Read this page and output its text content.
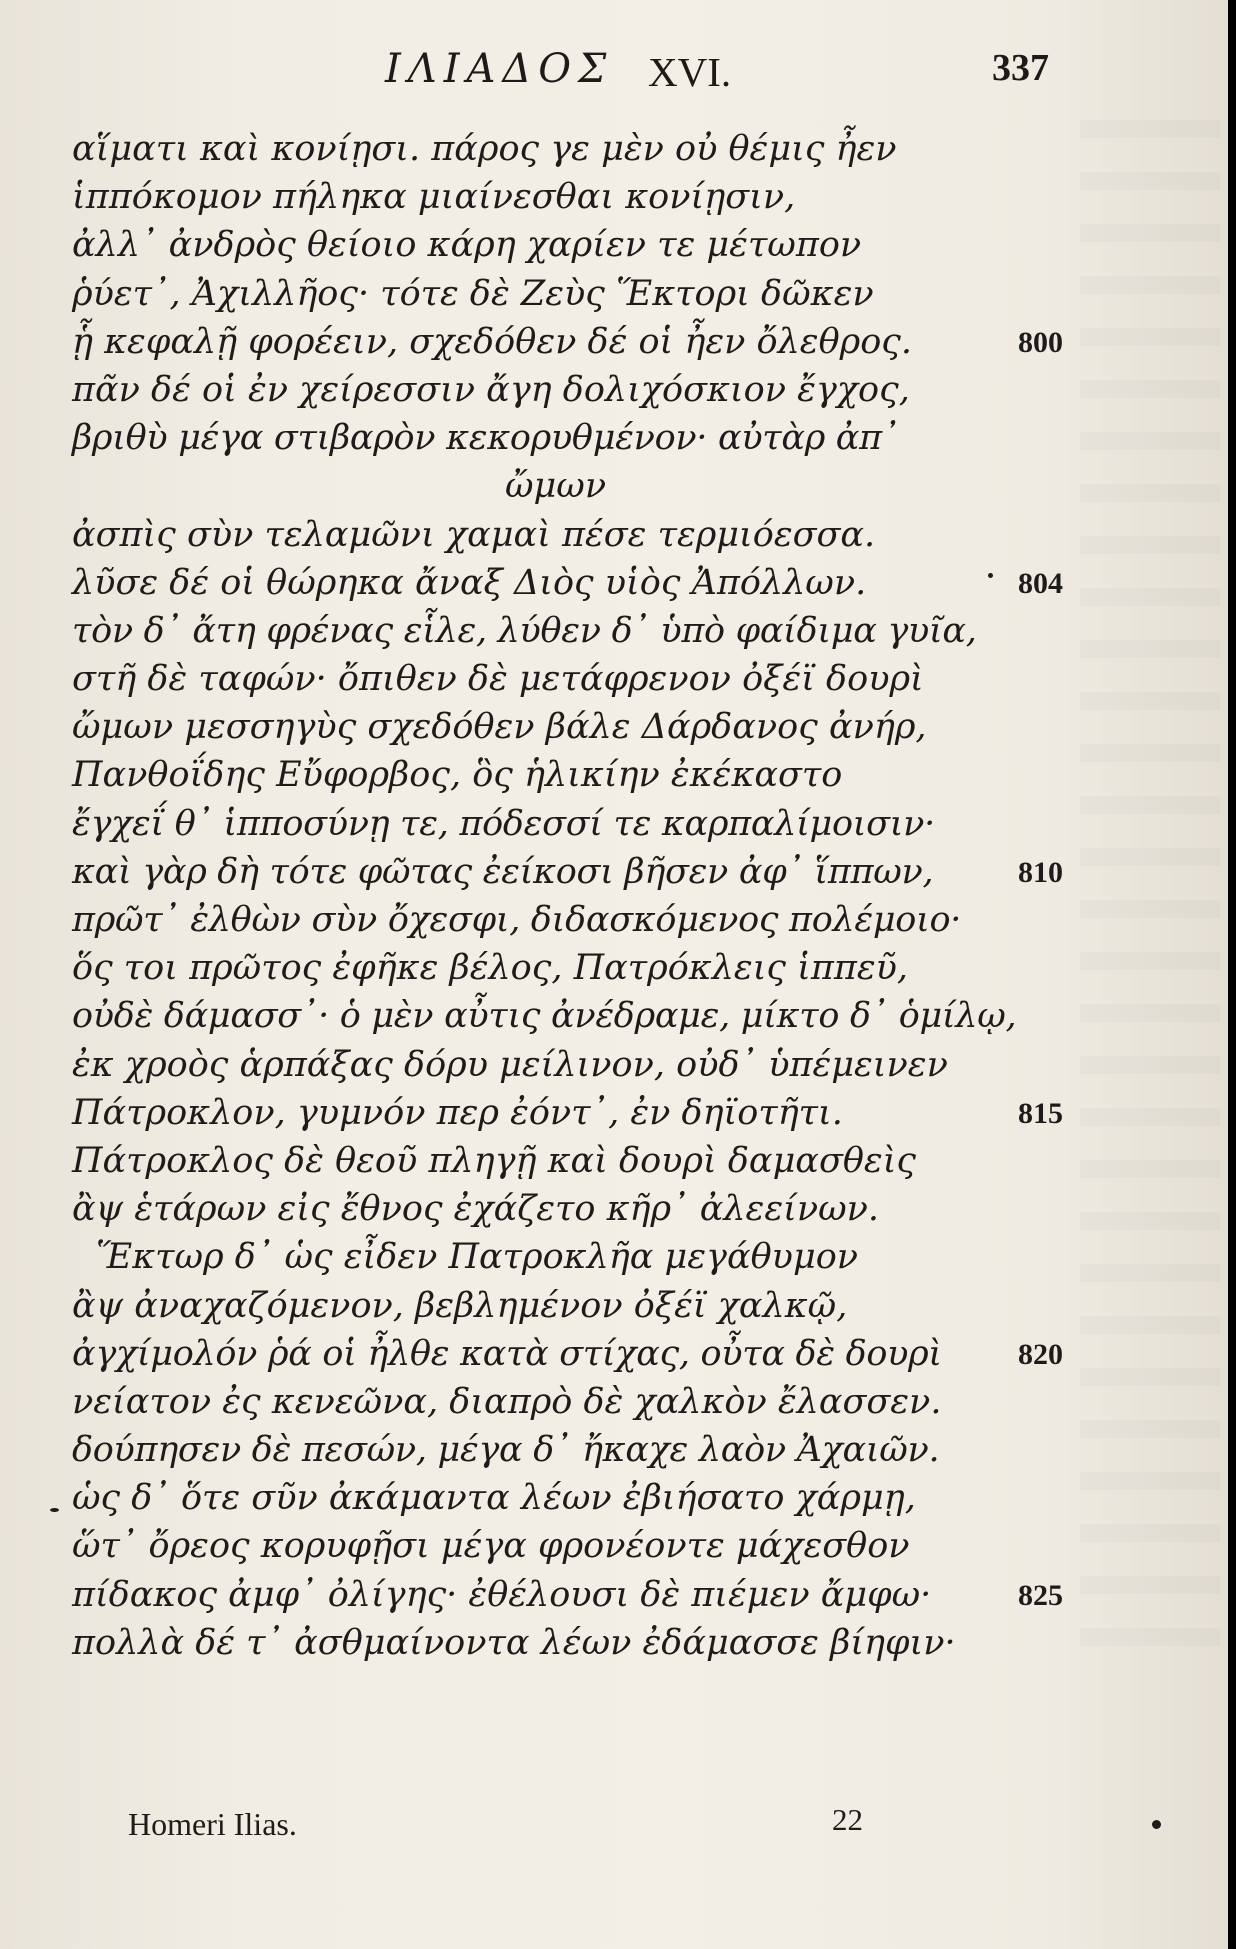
ΙΛΙΑΔΟΣ XVI.	337
αἵματι καὶ κονίῃσι. πάρος γε μὲν οὐ θέμις ἦεν
ἱππόκομον πήληκα μιαίνεσθαι κονίῃσιν,
ἀλλ᾽ ἀνδρὸς θείοιο κάρη χαρίεν τε μέτωπον
ῥύετ᾽, Ἀχιλλῆος· τότε δὲ Ζεὺς Ἕκτορι δῶκεν
ᾗ κεφαλῇ φορέειν, σχεδόθεν δέ οἱ ἦεν ὄλεθρος.	800
πᾶν δέ οἱ ἐν χείρεσσιν ἄγη δολιχόσκιον ἔγχος,
βριθὺ μέγα στιβαρὸν κεκορυθμένον· αὐτὰρ ἀπ᾽
ὤμων
ἀσπὶς σὺν τελαμῶνι χαμαὶ πέσε τερμιόεσσα.
λῦσε δέ οἱ θώρηκα ἄναξ Διὸς υἱὸς Ἀπόλλων.	804
τὸν δ᾽ ἄτη φρένας εἷλε, λύθεν δ᾽ ὑπὸ φαίδιμα γυῖα,
στῆ δὲ ταφών· ὄπιθεν δὲ μετάφρενον ὀξέϊ δουρὶ
ὤμων μεσσηγὺς σχεδόθεν βάλε Δάρδανος ἀνήρ,
Πανθοΐδης Εὔφορβος, ὃς ἡλικίην ἐκέκαστο
ἔγχεΐ θ᾽ ἱπποσύνῃ τε, πόδεσσί τε καρπαλίμοισιν·
καὶ γὰρ δὴ τότε φῶτας ἐείκοσι βῆσεν ἀφ᾽ ἵππων,	810
πρῶτ᾽ ἐλθὼν σὺν ὄχεσφι, διδασκόμενος πολέμοιο·
ὅς τοι πρῶτος ἐφῆκε βέλος, Πατρόκλεις ἱππεῦ,
οὐδὲ δάμασσ᾽· ὁ μὲν αὖτις ἀνέδραμε, μίκτο δ᾽ ὁμίλῳ,
ἐκ χροὸς ἁρπάξας δόρυ μείλινον, οὐδ᾽ ὑπέμεινεν
Πάτροκλον, γυμνόν περ ἐόντ᾽, ἐν δηϊοτῆτι.	815
Πάτροκλος δὲ θεοῦ πληγῇ καὶ δουρὶ δαμασθεὶς
ἂψ ἑτάρων εἰς ἔθνος ἐχάζετο κῆρ᾽ ἀλεείνων.
Ἕκτωρ δ᾽ ὡς εἶδεν Πατροκλῆα μεγάθυμον
ἂψ ἀναχαζόμενον, βεβλημένον ὀξέϊ χαλκῷ,
ἀγχίμολόν ῥά οἱ ἦλθε κατὰ στίχας, οὖτα δὲ δουρὶ	820
νείατον ἐς κενεῶνα, διαπρὸ δὲ χαλκὸν ἔλασσεν.
δούπησεν δὲ πεσών, μέγα δ᾽ ἤκαχε λαὸν Ἀχαιῶν.
ὡς δ᾽ ὅτε σῦν ἀκάμαντα λέων ἐβιήσατο χάρμῃ,
ὥτ᾽ ὄρεος κορυφῇσι μέγα φρονέοντε μάχεσθον
πίδακος ἀμφ᾽ ὀλίγης· ἐθέλουσι δὲ πιέμεν ἄμφω·	825
πολλὰ δέ τ᾽ ἀσθμαίνοντα λέων ἐδάμασσε βίηφιν·
Homeri Ilias.	22
